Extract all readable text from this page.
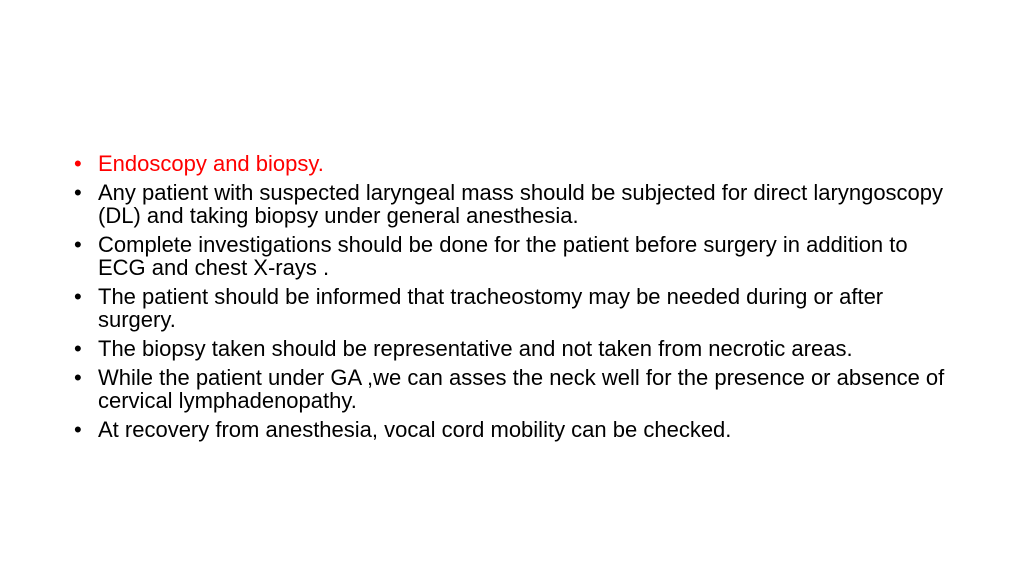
• Endoscopy and biopsy.
• Any patient with suspected laryngeal mass should be subjected for direct laryngoscopy (DL) and taking biopsy under general anesthesia.
• Complete investigations should be done for the patient before surgery in addition to ECG and chest X-rays .
• The patient should be informed that tracheostomy may be needed during or after surgery.
• The biopsy taken should be representative and not taken from necrotic areas.
• While the patient under GA ,we can asses the neck well for the presence or absence of cervical lymphadenopathy.
• At recovery from anesthesia, vocal cord mobility can be checked.
